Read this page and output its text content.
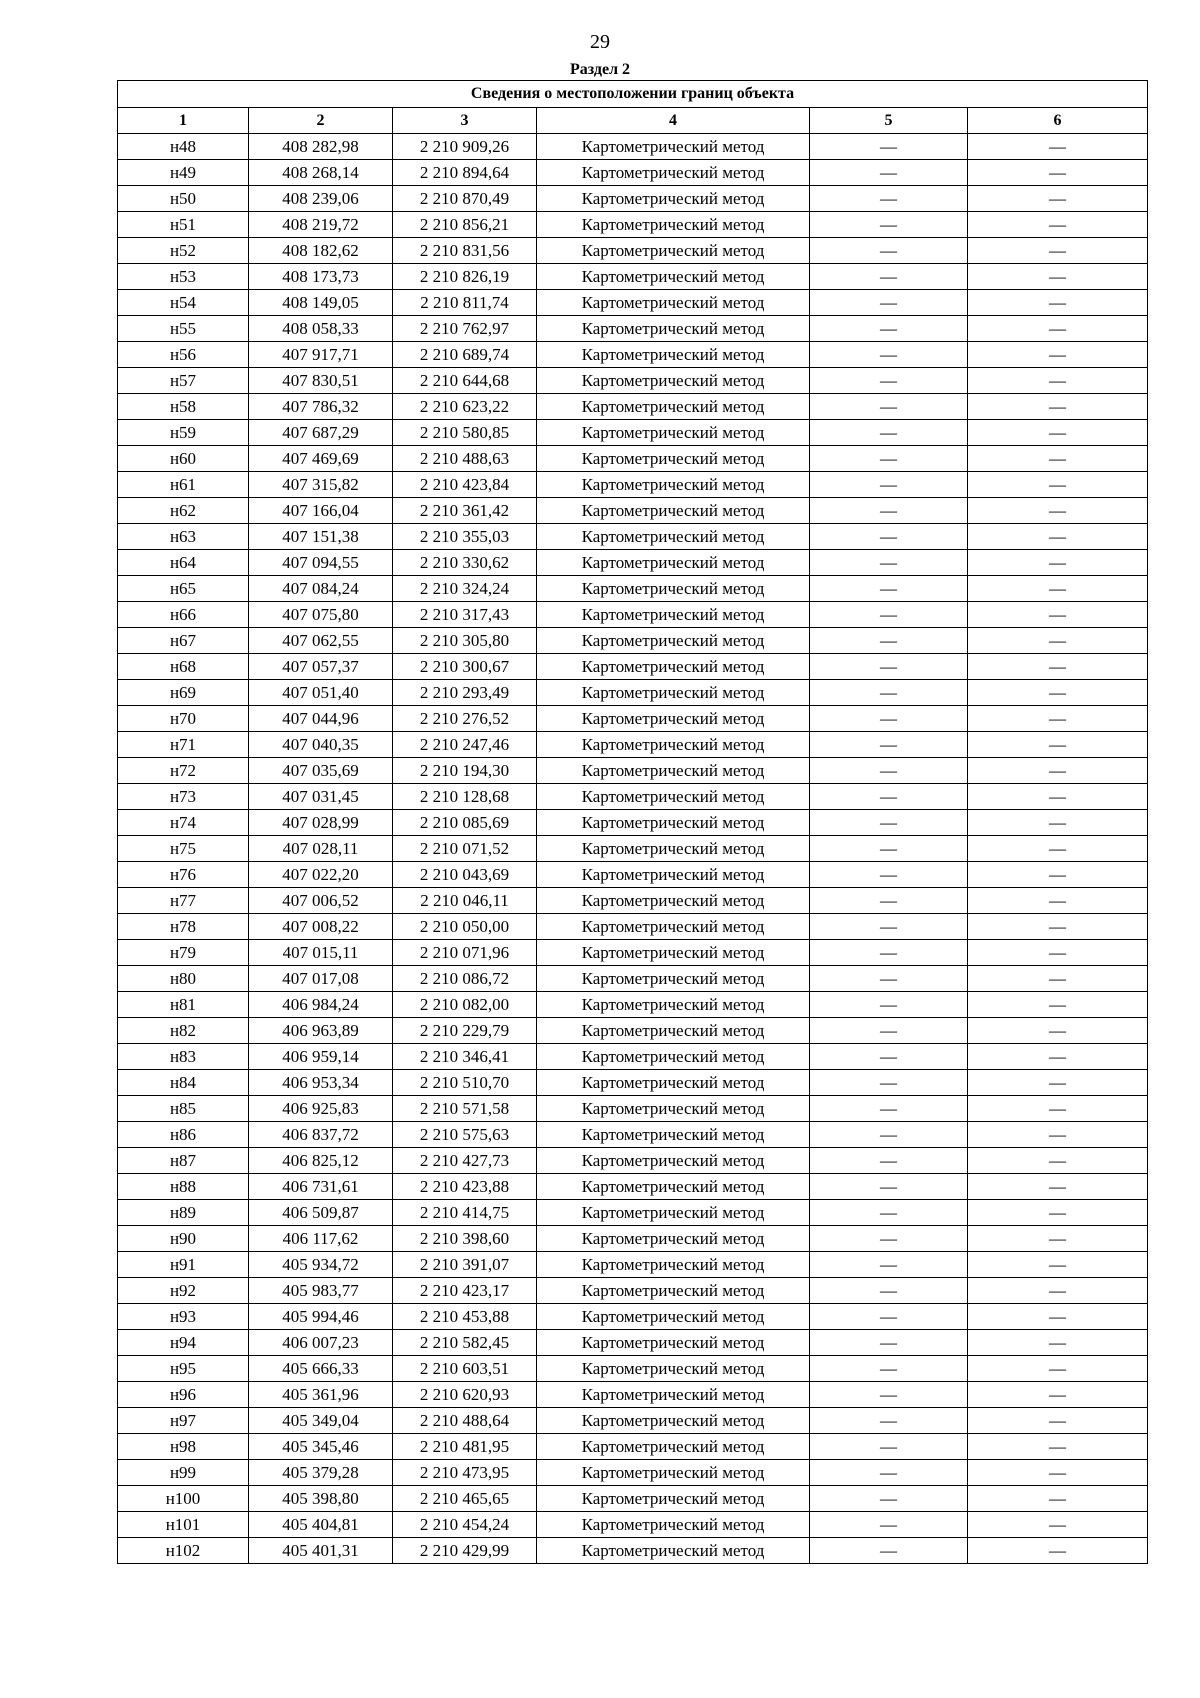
29
Раздел 2
Сведения о местоположении границ объекта					
1	2	3	4	5	6
н48	408 282,98	2 210 909,26	Картометрический метод	—	—
н49	408 268,14	2 210 894,64	Картометрический метод	—	—
н50	408 239,06	2 210 870,49	Картометрический метод	—	—
н51	408 219,72	2 210 856,21	Картометрический метод	—	—
н52	408 182,62	2 210 831,56	Картометрический метод	—	—
н53	408 173,73	2 210 826,19	Картометрический метод	—	—
н54	408 149,05	2 210 811,74	Картометрический метод	—	—
н55	408 058,33	2 210 762,97	Картометрический метод	—	—
н56	407 917,71	2 210 689,74	Картометрический метод	—	—
н57	407 830,51	2 210 644,68	Картометрический метод	—	—
н58	407 786,32	2 210 623,22	Картометрический метод	—	—
н59	407 687,29	2 210 580,85	Картометрический метод	—	—
н60	407 469,69	2 210 488,63	Картометрический метод	—	—
н61	407 315,82	2 210 423,84	Картометрический метод	—	—
н62	407 166,04	2 210 361,42	Картометрический метод	—	—
н63	407 151,38	2 210 355,03	Картометрический метод	—	—
н64	407 094,55	2 210 330,62	Картометрический метод	—	—
н65	407 084,24	2 210 324,24	Картометрический метод	—	—
н66	407 075,80	2 210 317,43	Картометрический метод	—	—
н67	407 062,55	2 210 305,80	Картометрический метод	—	—
н68	407 057,37	2 210 300,67	Картометрический метод	—	—
н69	407 051,40	2 210 293,49	Картометрический метод	—	—
н70	407 044,96	2 210 276,52	Картометрический метод	—	—
н71	407 040,35	2 210 247,46	Картометрический метод	—	—
н72	407 035,69	2 210 194,30	Картометрический метод	—	—
н73	407 031,45	2 210 128,68	Картометрический метод	—	—
н74	407 028,99	2 210 085,69	Картометрический метод	—	—
н75	407 028,11	2 210 071,52	Картометрический метод	—	—
н76	407 022,20	2 210 043,69	Картометрический метод	—	—
н77	407 006,52	2 210 046,11	Картометрический метод	—	—
н78	407 008,22	2 210 050,00	Картометрический метод	—	—
н79	407 015,11	2 210 071,96	Картометрический метод	—	—
н80	407 017,08	2 210 086,72	Картометрический метод	—	—
н81	406 984,24	2 210 082,00	Картометрический метод	—	—
н82	406 963,89	2 210 229,79	Картометрический метод	—	—
н83	406 959,14	2 210 346,41	Картометрический метод	—	—
н84	406 953,34	2 210 510,70	Картометрический метод	—	—
н85	406 925,83	2 210 571,58	Картометрический метод	—	—
н86	406 837,72	2 210 575,63	Картометрический метод	—	—
н87	406 825,12	2 210 427,73	Картометрический метод	—	—
н88	406 731,61	2 210 423,88	Картометрический метод	—	—
н89	406 509,87	2 210 414,75	Картометрический метод	—	—
н90	406 117,62	2 210 398,60	Картометрический метод	—	—
н91	405 934,72	2 210 391,07	Картометрический метод	—	—
н92	405 983,77	2 210 423,17	Картометрический метод	—	—
н93	405 994,46	2 210 453,88	Картометрический метод	—	—
н94	406 007,23	2 210 582,45	Картометрический метод	—	—
н95	405 666,33	2 210 603,51	Картометрический метод	—	—
н96	405 361,96	2 210 620,93	Картометрический метод	—	—
н97	405 349,04	2 210 488,64	Картометрический метод	—	—
н98	405 345,46	2 210 481,95	Картометрический метод	—	—
н99	405 379,28	2 210 473,95	Картометрический метод	—	—
н100	405 398,80	2 210 465,65	Картометрический метод	—	—
н101	405 404,81	2 210 454,24	Картометрический метод	—	—
н102	405 401,31	2 210 429,99	Картометрический метод	—	—
